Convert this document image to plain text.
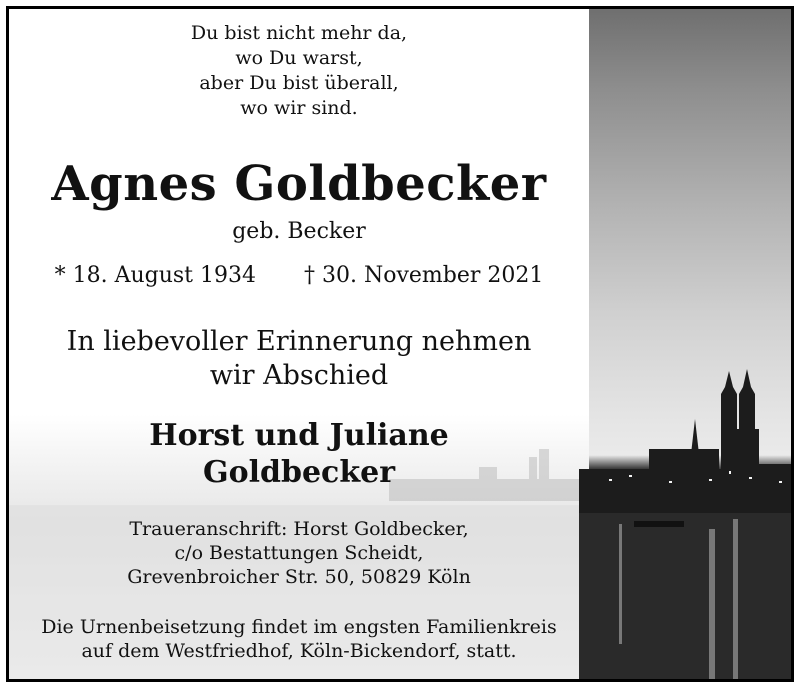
Du bist nicht mehr da,
wo Du warst,
aber Du bist überall,
wo wir sind.
Agnes Goldbecker
geb. Becker
* 18. August 1934 † 30. November 2021
In liebevoller Erinnerung nehmen
wir Abschied
Horst und Juliane
Goldbecker
Traueranschrift: Horst Goldbecker,
c/o Bestattungen Scheidt,
Grevenbroicher Str. 50, 50829 Köln
Die Urnenbeisetzung findet im engsten Familienkreis
auf dem Westfriedhof, Köln-Bickendorf, statt.
